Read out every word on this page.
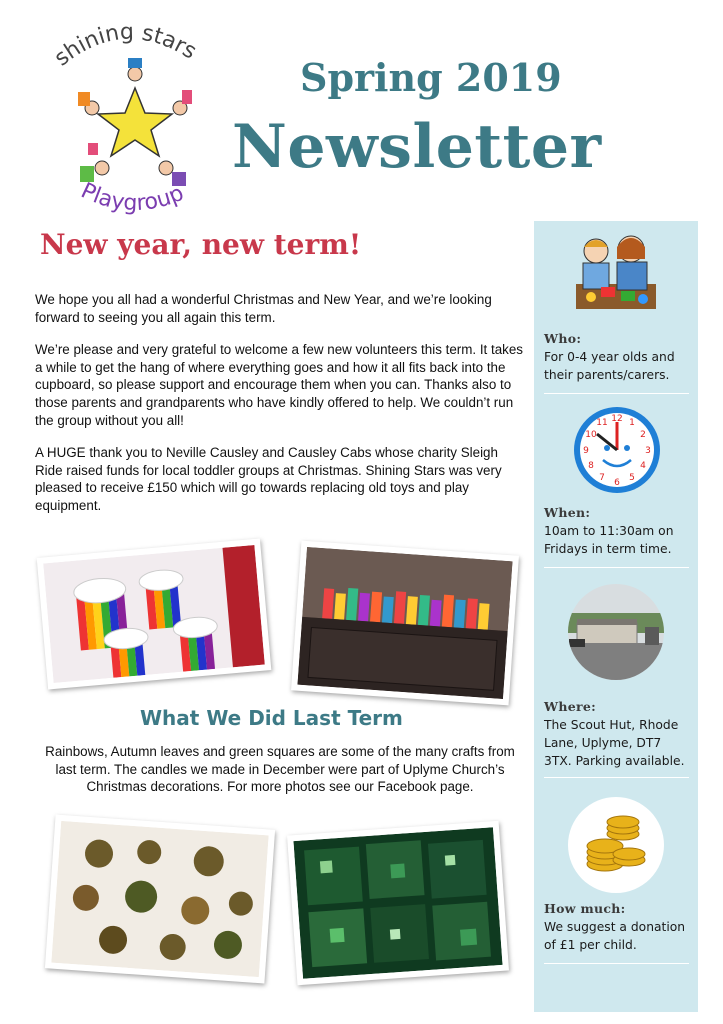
shining stars
Playgroup
Spring 2019
Newsletter
New year, new term!

We hope you all had a wonderful Christmas and New Year, and we’re looking forward to seeing you all again this term.

We’re please and very grateful to welcome a few new volunteers this term. It takes a while to get the hang of where everything goes and how it all fits back into the cupboard, so please support and encourage them when you can. Thanks also to those parents and grandparents who have kindly offered to help. We couldn’t run the group without you all!

A HUGE thank you to Neville Causley and Causley Cabs whose charity Sleigh Ride raised funds for local toddler groups at Christmas. Shining Stars was very pleased to receive £150 which will go towards replacing old toys and play equipment.

What We Did Last Term
Rainbows, Autumn leaves and green squares are some of the many crafts from last term. The candles we made in December were part of Uplyme Church’s Christmas decorations. For more photos see our Facebook page.
Who:
For 0-4 year olds and their parents/carers.
12 1
2
3
4
5
6
7
8
9
10
11
When:
10am to 11:30am on Fridays in term time.
Where:
The Scout Hut, Rhode Lane, Uplyme, DT7 3TX. Parking available.
How much:
We suggest a donation of £1 per child.
